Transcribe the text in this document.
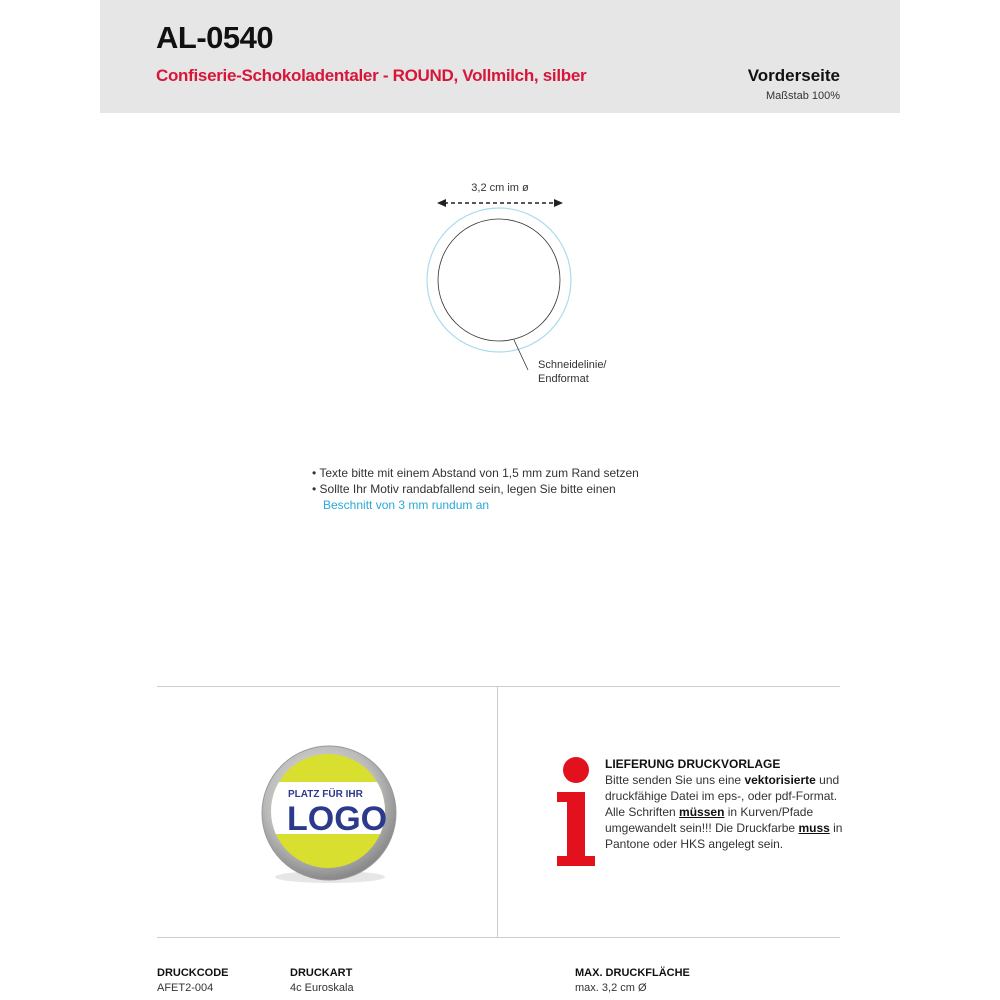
AL-0540
Confiserie-Schokoladentaler - ROUND, Vollmilch, silber	Vorderseite
Maßstab 100%
3,2 cm im ø
Schneidelinie/
Endformat
• Texte bitte mit einem Abstand von 1,5 mm zum Rand setzen
• Sollte Ihr Motiv randabfallend sein, legen Sie bitte einen
Beschnitt von 3 mm rundum an
PLATZ FÜR IHR
LOGO
LIEFERUNG DRUCKVORLAGE
Bitte senden Sie uns eine vektorisierte und druckfähige Datei im eps-, oder pdf-Format. Alle Schriften müssen in Kurven/Pfade umgewandelt sein!!! Die Druckfarbe muss in Pantone oder HKS angelegt sein.
DRUCKCODE
AFET2-004
DRUCKART
4c Euroskala
MAX. DRUCKFLÄCHE
max. 3,2 cm Ø
